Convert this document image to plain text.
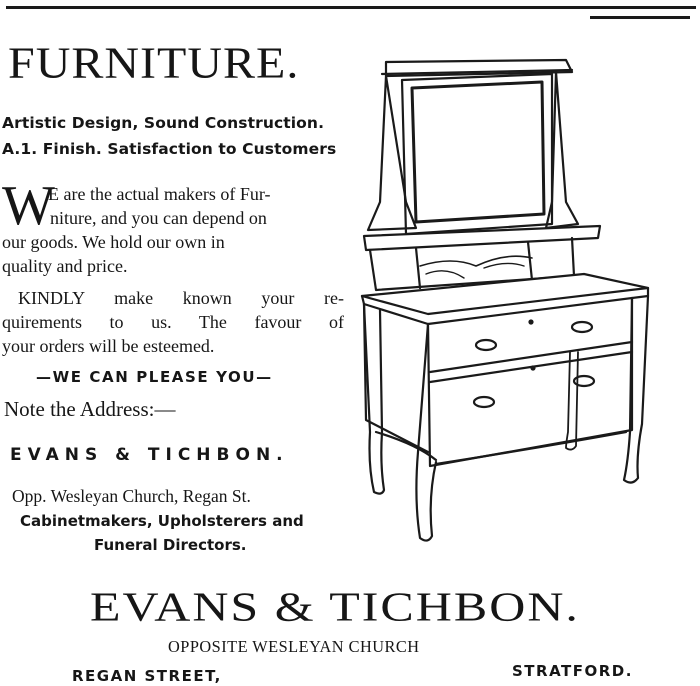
FURNITURE.
Artistic Design, Sound Construction.
A.1. Finish. Satisfaction to Customers
W
E are the actual makers of Fur-
niture, and you can depend on
our goods. We hold our own in
quality and price.
KINDLY make known your re-
quirements to us. The favour of
your orders will be esteemed.
—WE CAN PLEASE YOU—
Note the Address:—
EVANS & TICHBON.
Opp. Wesleyan Church, Regan St.
Cabinetmakers, Upholsterers and
Funeral Directors.
EVANS & TICHBON.
OPPOSITE WESLEYAN CHURCH
REGAN STREET,	STRATFORD.
